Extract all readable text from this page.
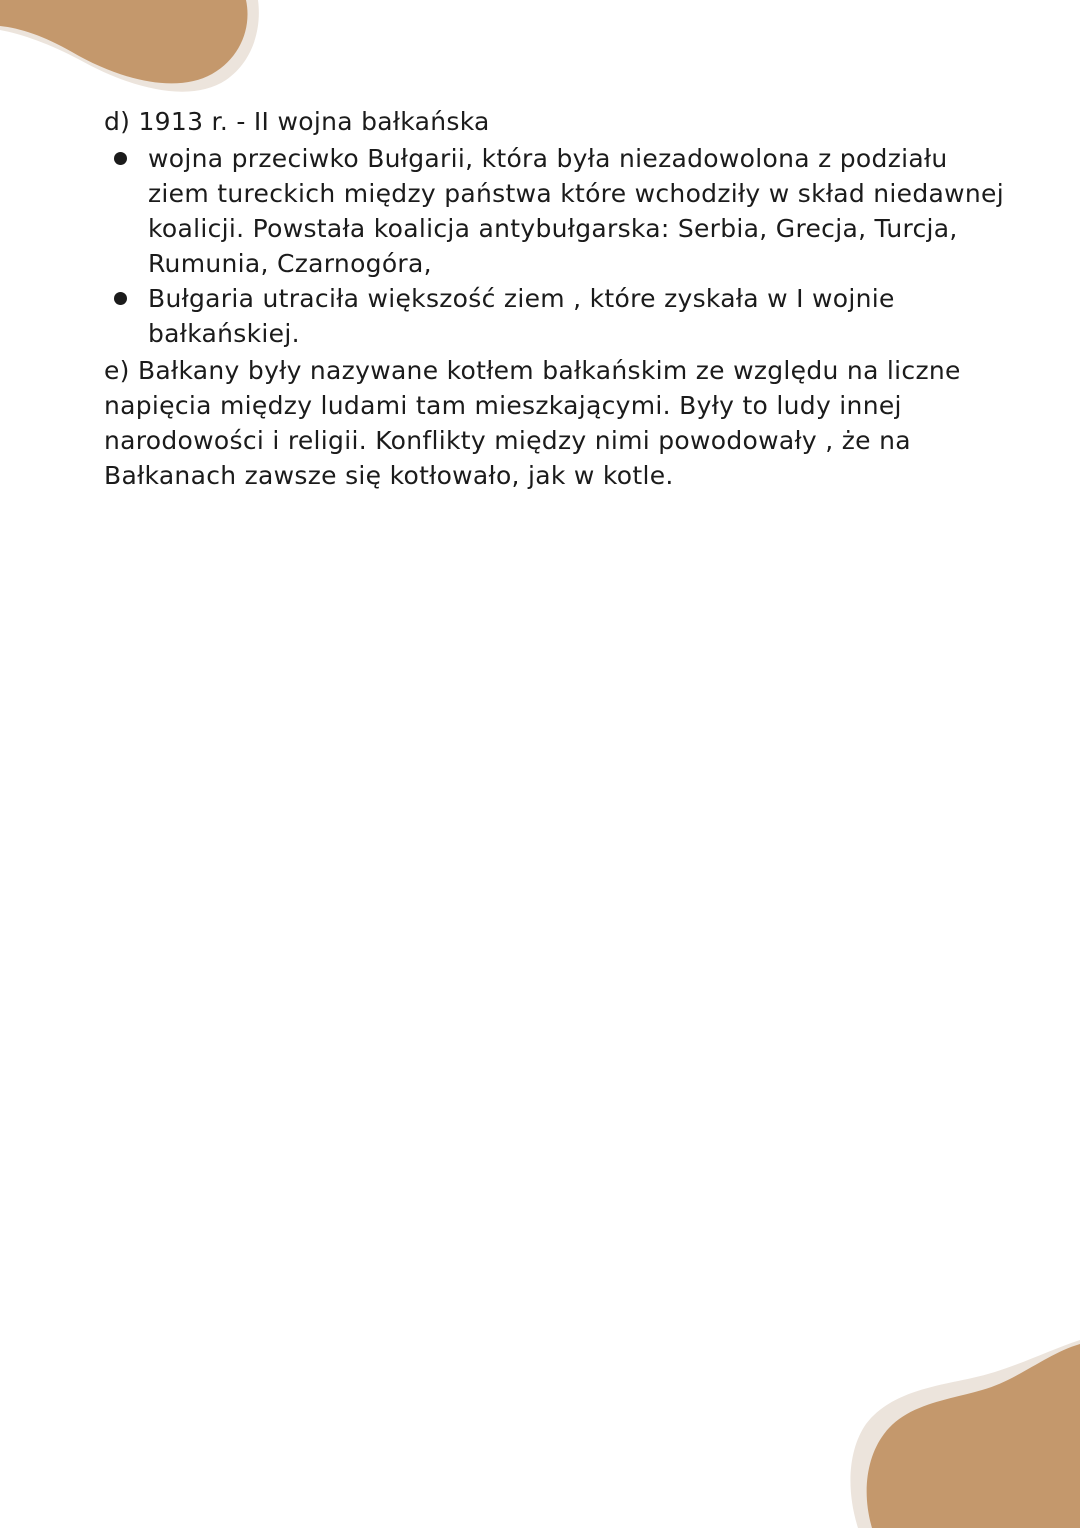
d) 1913 r. - II wojna bałkańska

wojna przeciwko Bułgarii, która była niezadowolona z podziału

ziem tureckich między państwa które wchodziły w skład niedawnej

koalicji. Powstała koalicja antybułgarska: Serbia, Grecja, Turcja,

Rumunia, Czarnogóra,

Bułgaria utraciła większość ziem , które zyskała w I wojnie

bałkańskiej.

e) Bałkany były nazywane kotłem bałkańskim ze względu na liczne

napięcia między ludami tam mieszkającymi. Były to ludy innej

narodowości i religii. Konflikty między nimi powodowały , że na

Bałkanach zawsze się kotłowało, jak w kotle.
